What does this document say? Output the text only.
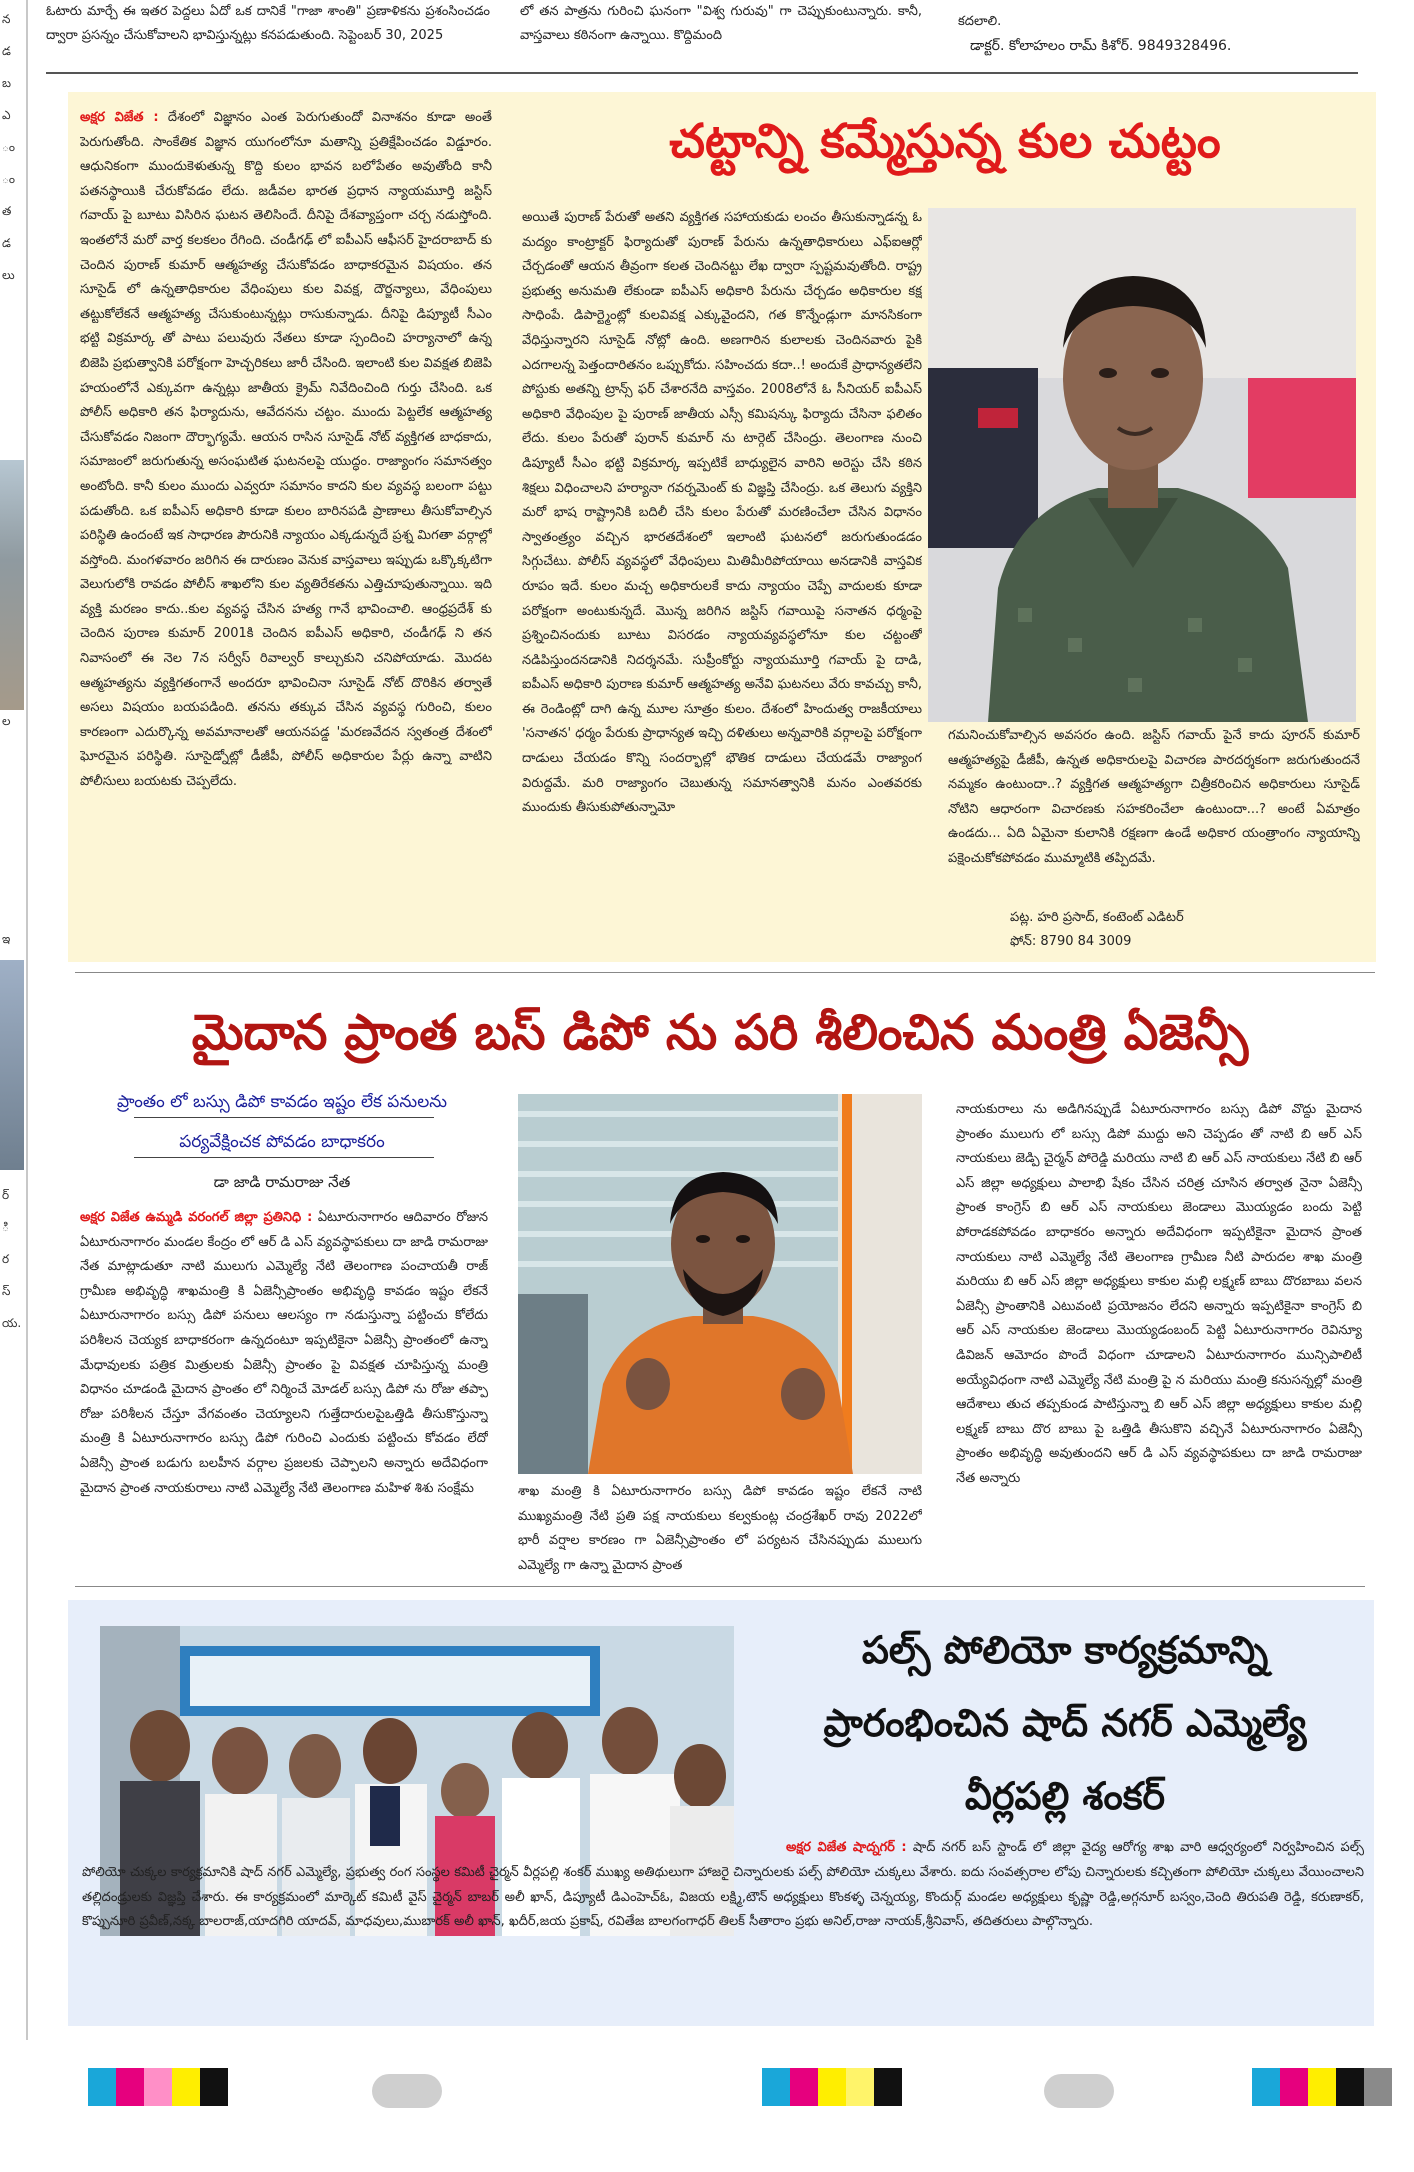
న
డ
బ
ఎ
ం
ం
త
డ
లు
ల
ఇ
ర్
ి
ర
స్
య.
ఓటారు మార్చే ఈ ఇతర పెద్దలు ఏదో ఒక దానికే "గాజా శాంతి" ప్రణాళికను ప్రశంసించడం ద్వారా ప్రసన్నం చేసుకోవాలని భావిస్తున్నట్లు కనపడుతుంది. సెప్టెంబర్ 30, 2025
లో తన పాత్రను గురించి ఘనంగా "విశ్వ గురువు" గా చెప్పుకుంటున్నారు. కానీ, వాస్తవాలు కఠినంగా ఉన్నాయి. కొద్దిమంది
కదలాలి.
డాక్టర్. కోలాహలం రామ్ కిశోర్. 9849328496.
చట్టాన్ని కమ్మేస్తున్న కుల చుట్టం
అక్షర విజేత : దేశంలో విజ్ఞానం ఎంత పెరుగుతుందో వినాశనం కూడా అంతే పెరుగుతోంది. సాంకేతిక విజ్ఞాన యుగంలోనూ మతాన్ని ప్రతిక్షేపించడం విడ్డూరం. ఆధునికంగా ముందుకెళుతున్న కొద్ది కులం భావన బలోపేతం అవుతోంది కానీ పతనస్థాయికి చేరుకోవడం లేదు. జడీవల భారత ప్రధాన న్యాయమూర్తి జస్టిస్ గవాయ్ పై బూటు విసిరిన ఘటన తెలిసిందే. దీనిపై దేశవ్యాప్తంగా చర్చ నడుస్తోంది. ఇంతలోనే మరో వార్త కలకలం రేగింది. చండీగఢ్ లో ఐపీఎస్ ఆఫీసర్ హైదరాబాద్ కు చెందిన పురాణ్ కుమార్ ఆత్మహత్య చేసుకోవడం బాధాకరమైన విషయం. తన సూసైడ్ లో ఉన్నతాధికారుల వేధింపులు కుల వివక్ష, దౌర్జన్యాలు, వేధింపులు తట్టుకోలేకనే ఆత్మహత్య చేసుకుంటున్నట్లు రాసుకున్నాడు. దీనిపై డిప్యూటీ సీఎం భట్టి విక్రమార్క తో పాటు పలువురు నేతలు కూడా స్పందించి హర్యానాలో ఉన్న బిజెపి ప్రభుత్వానికి పరోక్షంగా హెచ్చరికలు జారీ చేసింది. ఇలాంటి కుల వివక్షత బిజెపి హయంలోనే ఎక్కువగా ఉన్నట్లు జాతీయ క్రైమ్ నివేదించింది గుర్తు చేసింది. ఒక పోలీస్ అధికారి తన ఫిర్యాదును, ఆవేదనను చట్టం. ముందు పెట్టలేక ఆత్మహత్య చేసుకోవడం నిజంగా దౌర్భాగ్యమే. ఆయన రాసిన సూసైడ్ నోట్ వ్యక్తిగత బాధకాదు, సమాజంలో జరుగుతున్న అసంఘటిత ఘటనలపై యుద్ధం. రాజ్యాంగం సమానత్వం అంటోంది. కానీ కులం ముందు ఎవ్వరూ సమానం కాదని కుల వ్యవస్థ బలంగా పట్టు పడుతోంది. ఒక ఐపీఎస్ అధికారి కూడా కులం బారినపడి ప్రాణాలు తీసుకోవాల్సిన పరిస్థితి ఉందంటే ఇక సాధారణ పౌరునికి న్యాయం ఎక్కడున్నదే ప్రశ్న మిగతా వర్గాల్లో వస్తోంది. మంగళవారం జరిగిన ఈ దారుణం వెనుక వాస్తవాలు ఇప్పుడు ఒక్కొక్కటిగా వెలుగులోకి రావడం పోలీస్ శాఖలోని కుల వ్యతిరేకతను ఎత్తిచూపుతున్నాయి. ఇది వ్యక్తి మరణం కాదు..కుల వ్యవస్థ చేసిన హత్య గానే భావించాలి. ఆంధ్రప్రదేశ్ కు చెందిన పురాణ కుమార్ 2001కి చెందిన ఐపీఎస్ అధికారి, చండీగఢ్ ని తన నివాసంలో ఈ నెల 7న సర్వీస్ రివాల్వర్ కాల్చుకుని చనిపోయాడు. మొదట ఆత్మహత్యను వ్యక్తిగతంగానే అందరూ భావించినా సూసైడ్ నోట్ దొరికిన తర్వాతే అసలు విషయం బయపడింది. తనను తక్కువ చేసిన వ్యవస్థ గురించి, కులం కారణంగా ఎదుర్కొన్న అవమానాలతో ఆయనపడ్డ 'మరణవేదన స్వతంత్ర దేశంలో ఘోరమైన పరిస్థితి. సూసైడ్నోట్లో డీజీపీ, పోలీస్ అధికారుల పేర్లు ఉన్నా వాటిని పోలీసులు బయటకు చెప్పలేదు.
అయితే పురాణ్ పేరుతో అతని వ్యక్తిగత సహాయకుడు లంచం తీసుకున్నాడన్న ఓ మద్యం కాంట్రాక్టర్ ఫిర్యాదుతో పురాణ్ పేరును ఉన్నతాధికారులు ఎఫ్ఐఆర్లో చేర్చడంతో ఆయన తీవ్రంగా కలత చెందినట్టు లేఖ ద్వారా స్పష్టమవుతోంది. రాష్ట్ర ప్రభుత్వ అనుమతి లేకుండా ఐపీఎస్ అధికారి పేరును చేర్చడం అధికారుల కక్ష సాధింపే. డిపార్ట్మెంట్లో కులవివక్ష ఎక్కువైందని, గత కొన్నేండ్లుగా మానసికంగా వేధిస్తున్నారని సూసైడ్ నోట్లో ఉంది. అణగారిన కులాలకు చెందినవారు పైకి ఎదగాలన్న పెత్తందారితనం ఒప్పుకోదు. సహించదు కదా..! అందుకే ప్రాధాన్యతలేని పోస్టుకు అతన్ని ట్రాన్స్ ఫర్ చేశారనేది వాస్తవం. 2008లోనే ఓ సీనియర్ ఐపీఎస్ అధికారి వేధింపుల పై పురాణ్ జాతీయ ఎస్సీ కమిషన్కు ఫిర్యాదు చేసినా ఫలితం లేదు. కులం పేరుతో పురాన్ కుమార్ ను టార్గెట్ చేసింద్రు. తెలంగాణ నుంచి డిప్యూటీ సీఎం భట్టి విక్రమార్క ఇప్పటికే బాధ్యులైన వారిని అరెస్టు చేసి కఠిన శిక్షలు విధించాలని హర్యానా గవర్నమెంట్ కు విజ్ఞప్తి చేసింద్రు. ఒక తెలుగు వ్యక్తిని మరో భాష రాష్ట్రానికి బదిలీ చేసి కులం పేరుతో మరణించేలా చేసిన విధానం స్వాతంత్ర్యం వచ్చిన భారతదేశంలో ఇలాంటి ఘటనలో జరుగుతుండడం సిగ్గుచేటు. పోలీస్ వ్యవస్థలో వేధింపులు మితిమీరిపోయాయి అనడానికి వాస్తవిక రూపం ఇదే. కులం మచ్చ అధికారులకే కాదు న్యాయం చెప్పే వాదులకు కూడా పరోక్షంగా అంటుకున్నదే. మొన్న జరిగిన జస్టిస్ గవాయిపై సనాతన ధర్మంపై ప్రశ్నించినందుకు బూటు విసరడం న్యాయవ్యవస్థలోనూ కుల చట్టంతో నడిపిస్తుందనడానికి నిదర్శనమే. సుప్రీంకోర్టు న్యాయమూర్తి గవాయ్ పై దాడి, ఐపీఎస్ అధికారి పురాణ కుమార్ ఆత్మహత్య అనేవి ఘటనలు వేరు కావచ్చు కానీ, ఈ రెండింట్లో దాగి ఉన్న మూల సూత్రం కులం. దేశంలో హిందుత్వ రాజకీయాలు 'సనాతన' ధర్మం పేరుకు ప్రాధాన్యత ఇచ్చి దళితులు అన్నవారికి వర్గాలపై పరోక్షంగా దాడులు చేయడం కొన్ని సందర్భాల్లో భౌతిక దాడులు చేయడమే రాజ్యాంగ విరుద్దమే. మరి రాజ్యాంగం చెబుతున్న సమానత్వానికి మనం ఎంతవరకు ముందుకు తీసుకుపోతున్నామో
గమనించుకోవాల్సిన అవసరం ఉంది. జస్టిస్ గవాయ్ పైనే కాదు పూరన్ కుమార్ ఆత్మహత్యపై డీజీపీ, ఉన్నత అధికారులపై విచారణ పారదర్శకంగా జరుగుతుందనే నమ్మకం ఉంటుందా..? వ్యక్తిగత ఆత్మహత్యగా చిత్రీకరించిన అధికారులు సూసైడ్ నోటిని ఆధారంగా విచారణకు సహకరించేలా ఉంటుందా...? అంటే ఏమాత్రం ఉండదు... ఏది ఏమైనా కులానికి రక్షణగా ఉండే అధికార యంత్రాంగం న్యాయాన్ని పక్షెంచుకోకపోవడం ముమ్మాటికి తప్పిదమే.
పట్ల. హరి ప్రసాద్, కంటెంట్ ఎడిటర్
ఫోన్: 8790 84 3009
మైదాన ప్రాంత బస్ డిపో ను పరి శీలించిన మంత్రి ఏజెన్సీ
ప్రాంతం లో బస్సు డిపో కావడం ఇష్టం లేక పనులను
పర్యవేక్షించక పోవడం బాధాకరం
డా జాడి రామరాజు నేత
అక్షర విజేత ఉమ్మడి వరంగల్ జిల్లా ప్రతినిధి : ఏటూరునాగారం ఆదివారం రోజున ఏటూరునాగారం మండల కేంద్రం లో ఆర్ డి ఎస్ వ్యవస్థాపకులు దా జాడి రామరాజు నేత మాట్లాడుతూ నాటి ములుగు ఎమ్మెల్యే నేటి తెలంగాణ పంచాయతీ రాజ్ గ్రామీణ అభివృద్ధి శాఖమంత్రి కి ఏజెన్సీప్రాంతం అభివృద్ధి కావడం ఇష్టం లేకనే ఏటూరునాగారం బస్సు డిపో పనులు ఆలస్యం గా నడుస్తున్నా పట్టించు కోలేదు పరిశీలన చెయ్యక బాధాకరంగా ఉన్నదంటూ ఇప్పటికైనా ఏజెన్సీ ప్రాంతంలో ఉన్నా మేధావులకు పత్రిక మిత్రులకు ఏజెన్సీ ప్రాంతం పై వివక్షత చూపిస్తున్న మంత్రి విధానం చూడండి మైదాన ప్రాంతం లో నిర్మించే మోడల్ బస్సు డిపో ను రోజు తప్పా రోజు పరిశీలన చేస్తూ వేగవంతం చెయ్యాలని గుత్తేదారులపైఒత్తిడి తీసుకొస్తున్నా మంత్రి కి ఏటూరునాగారం బస్సు డిపో గురించి ఎందుకు పట్టించు కోవడం లేదో ఏజెన్సీ ప్రాంత బడుగు బలహీన వర్గాల ప్రజలకు చెప్పాలని అన్నారు అదేవిధంగా మైదాన ప్రాంత నాయకురాలు నాటి ఎమ్మెల్యే నేటి తెలంగాణ మహిళ శిశు సంక్షేమ	శాఖ మంత్రి కి ఏటూరునాగారం బస్సు డిపో కావడం ఇష్టం లేకనే నాటి ముఖ్యమంత్రి నేటి ప్రతి పక్ష నాయకులు కల్వకుంట్ల చంద్రశేఖర్ రావు 2022లో భారీ వర్షాల కారణం గా ఏజెన్సీప్రాంతం లో పర్యటన చేసినప్పుడు ములుగు ఎమ్మెల్యే గా ఉన్నా మైదాన ప్రాంత
నాయకురాలు ను అడిగినప్పుడే ఏటూరునాగారం బస్సు డిపో వొద్దు మైదాన ప్రాంతం ములుగు లో బస్సు డిపో ముద్దు అని చెప్పడం తో నాటి బి ఆర్ ఎస్ నాయకులు జెడ్పి చైర్మన్ పోరెడ్డి మరియు నాటి బి ఆర్ ఎస్ నాయకులు నేటి బి ఆర్ ఎస్ జిల్లా అధ్యక్షులు పాలాభి షేకం చేసిన చరిత్ర చూసిన తర్వాత నైనా ఏజెన్సీ ప్రాంత కాంగ్రెస్ బి ఆర్ ఎస్ నాయకులు జెండాలు మొయ్యడం బందు పెట్టి పోరాడకపోవడం బాధాకరం అన్నారు అదేవిధంగా ఇప్పటికైనా మైదాన ప్రాంత నాయకులు నాటి ఎమ్మెల్యే నేటి తెలంగాణ గ్రామీణ నీటి పారుదల శాఖ మంత్రి మరియు బి ఆర్ ఎస్ జిల్లా అధ్యక్షులు కాకుల మల్లి లక్ష్మణ్ బాబు దొరబాబు వలన ఏజెన్సీ ప్రాంతానికి ఎటువంటి ప్రయోజనం లేదని అన్నారు ఇప్పటికైనా కాంగ్రెస్ బి ఆర్ ఎస్ నాయకుల జెండాలు మొయ్యడంబంద్ పెట్టి ఏటూరునాగారం రెవిన్యూ డివిజన్ ఆమోదం పొందే విధంగా చూడాలని ఏటూరునాగారం మున్సిపాలిటీ అయ్యేవిధంగా నాటి ఎమ్మెల్యే నేటి మంత్రి పై న మరియు మంత్రి కనుసన్నల్లో మంత్రి ఆదేశాలు తుచ తప్పకుండ పాటిస్తున్నా బి ఆర్ ఎస్ జిల్లా అధ్యక్షులు కాకుల మల్లి లక్ష్మణ్ బాబు దొర బాబు పై ఒత్తిడి తీసుకొని వచ్చినే ఏటూరునాగారం ఏజెన్సీ ప్రాంతం అభివృద్ధి అవుతుందని ఆర్ డి ఎస్ వ్యవస్థాపకులు దా జాడి రామరాజు నేత అన్నారు
పల్స్ పోలియో కార్యక్రమాన్ని
ప్రారంభించిన షాద్ నగర్ ఎమ్మెల్యే
వీర్లపల్లి శంకర్
అక్షర విజేత షాద్నగర్ : షాద్ నగర్ బస్ స్టాండ్ లో జిల్లా వైద్య ఆరోగ్య శాఖ వారి ఆధ్వర్యంలో నిర్వహించిన పల్స్ పోలియో చుక్కల కార్యక్రమానికి షాద్ నగర్ ఎమ్మెల్యే, ప్రభుత్వ రంగ సంస్థల కమిటీ చైర్మన్ వీర్లపల్లి శంకర్ ముఖ్య అతిథులుగా హాజరై చిన్నారులకు పల్స్ పోలియో చుక్కలు వేశారు. ఐదు సంవత్సరాల లోపు చిన్నారులకు కచ్చితంగా పోలియో చుక్కలు వేయించాలని తల్లిదండ్రులకు విజ్ఞప్తి చేశారు. ఈ కార్యక్రమంలో మార్కెట్ కమిటీ వైస్ చైర్మన్ బాబర్ అలీ ఖాన్, డిప్యూటీ డిఎంహెచ్ఓ, విజయ లక్ష్మి,టౌన్ అధ్యక్షులు కొంకళ్ళ చెన్నయ్య, కొందుర్గ్ మండల అధ్యక్షులు కృష్ణా రెడ్డి,అగ్గనూర్ బస్వం,చెంది తిరుపతి రెడ్డి, కరుణాకర్, కొప్పునూరి ప్రవీణ్,నక్క బాలరాజ్,యాదగిరి యాదవ్, మాధవులు,ముబారక్ అలీ ఖాన్, ఖదీర్,జయ ప్రకాష్, రవితేజ బాలగంగాధర్ తిలక్ సీతారాం ప్రభు అనిల్,రాజు నాయక్,శ్రీనివాస్, తదితరులు పాల్గొన్నారు.
